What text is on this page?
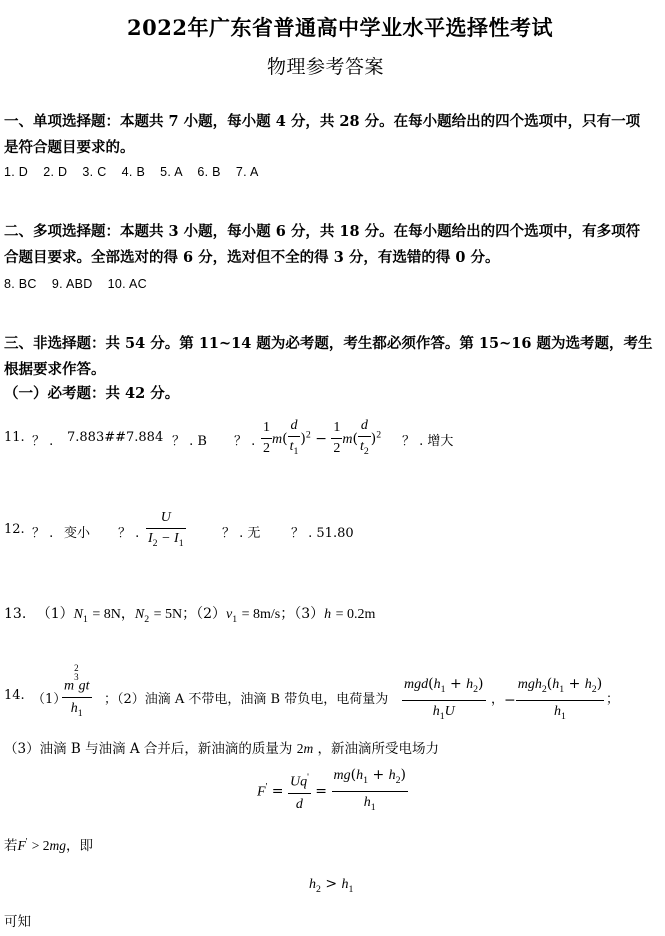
2022年广东省普通高中学业水平选择性考试
物理参考答案
一、单项选择题：本题共 7 小题，每小题 4 分，共 28 分。在每小题给出的四个选项中，只有一项是符合题目要求的。
1. D    2. D    3. C    4. B    5. A    6. B    7. A
二、多项选择题：本题共 3 小题，每小题 6 分，共 18 分。在每小题给出的四个选项中，有多项符合题目要求。全部选对的得 6 分，选对但不全的得 3 分，有选错的得 0 分。
8. BC    9. ABD    10. AC
三、非选择题：共 54 分。第 11~14 题为必考题，考生都必须作答。第 15~16 题为选考题，考生根据要求作答。
（一）必考题：共 42 分。
11. ？ . 7.883##7.884 ？ . B ？ . $\frac{1}{2} m( \frac{d}{t_1} )^2 - \frac{1}{2} m( \frac{d}{t_2} )^2$ ？ . 增大
12. ？ . 变小 ？ . $\frac{U}{I_2 - I_1}$	？ . 无 ？ . 51.80
13. $(1)N_1 = 8N$，$N_2 = 5N$；$(2)v_1 = 8m/s$；（3）h = 0.2m
14. （1）
$m^{2 3}gt$
$h_1$
；（2）油滴 A 不带电，油滴 B 带负电，电荷量为 $\frac{mgd(h_1 + h_2)}{h_1U}$ ， − $\frac{mgh_2(h_1 + h_2)}{h_1}$ ；
（3）油滴 B 与油滴 A 合并后，新油滴的质量为 2m ，新油滴所受电场力
$F' = \frac{Uq'}{d} = \frac{mg(h_1 + h_2)}{h_1}$
若F' > 2mg，即
$h_2 > h_1$
可知
